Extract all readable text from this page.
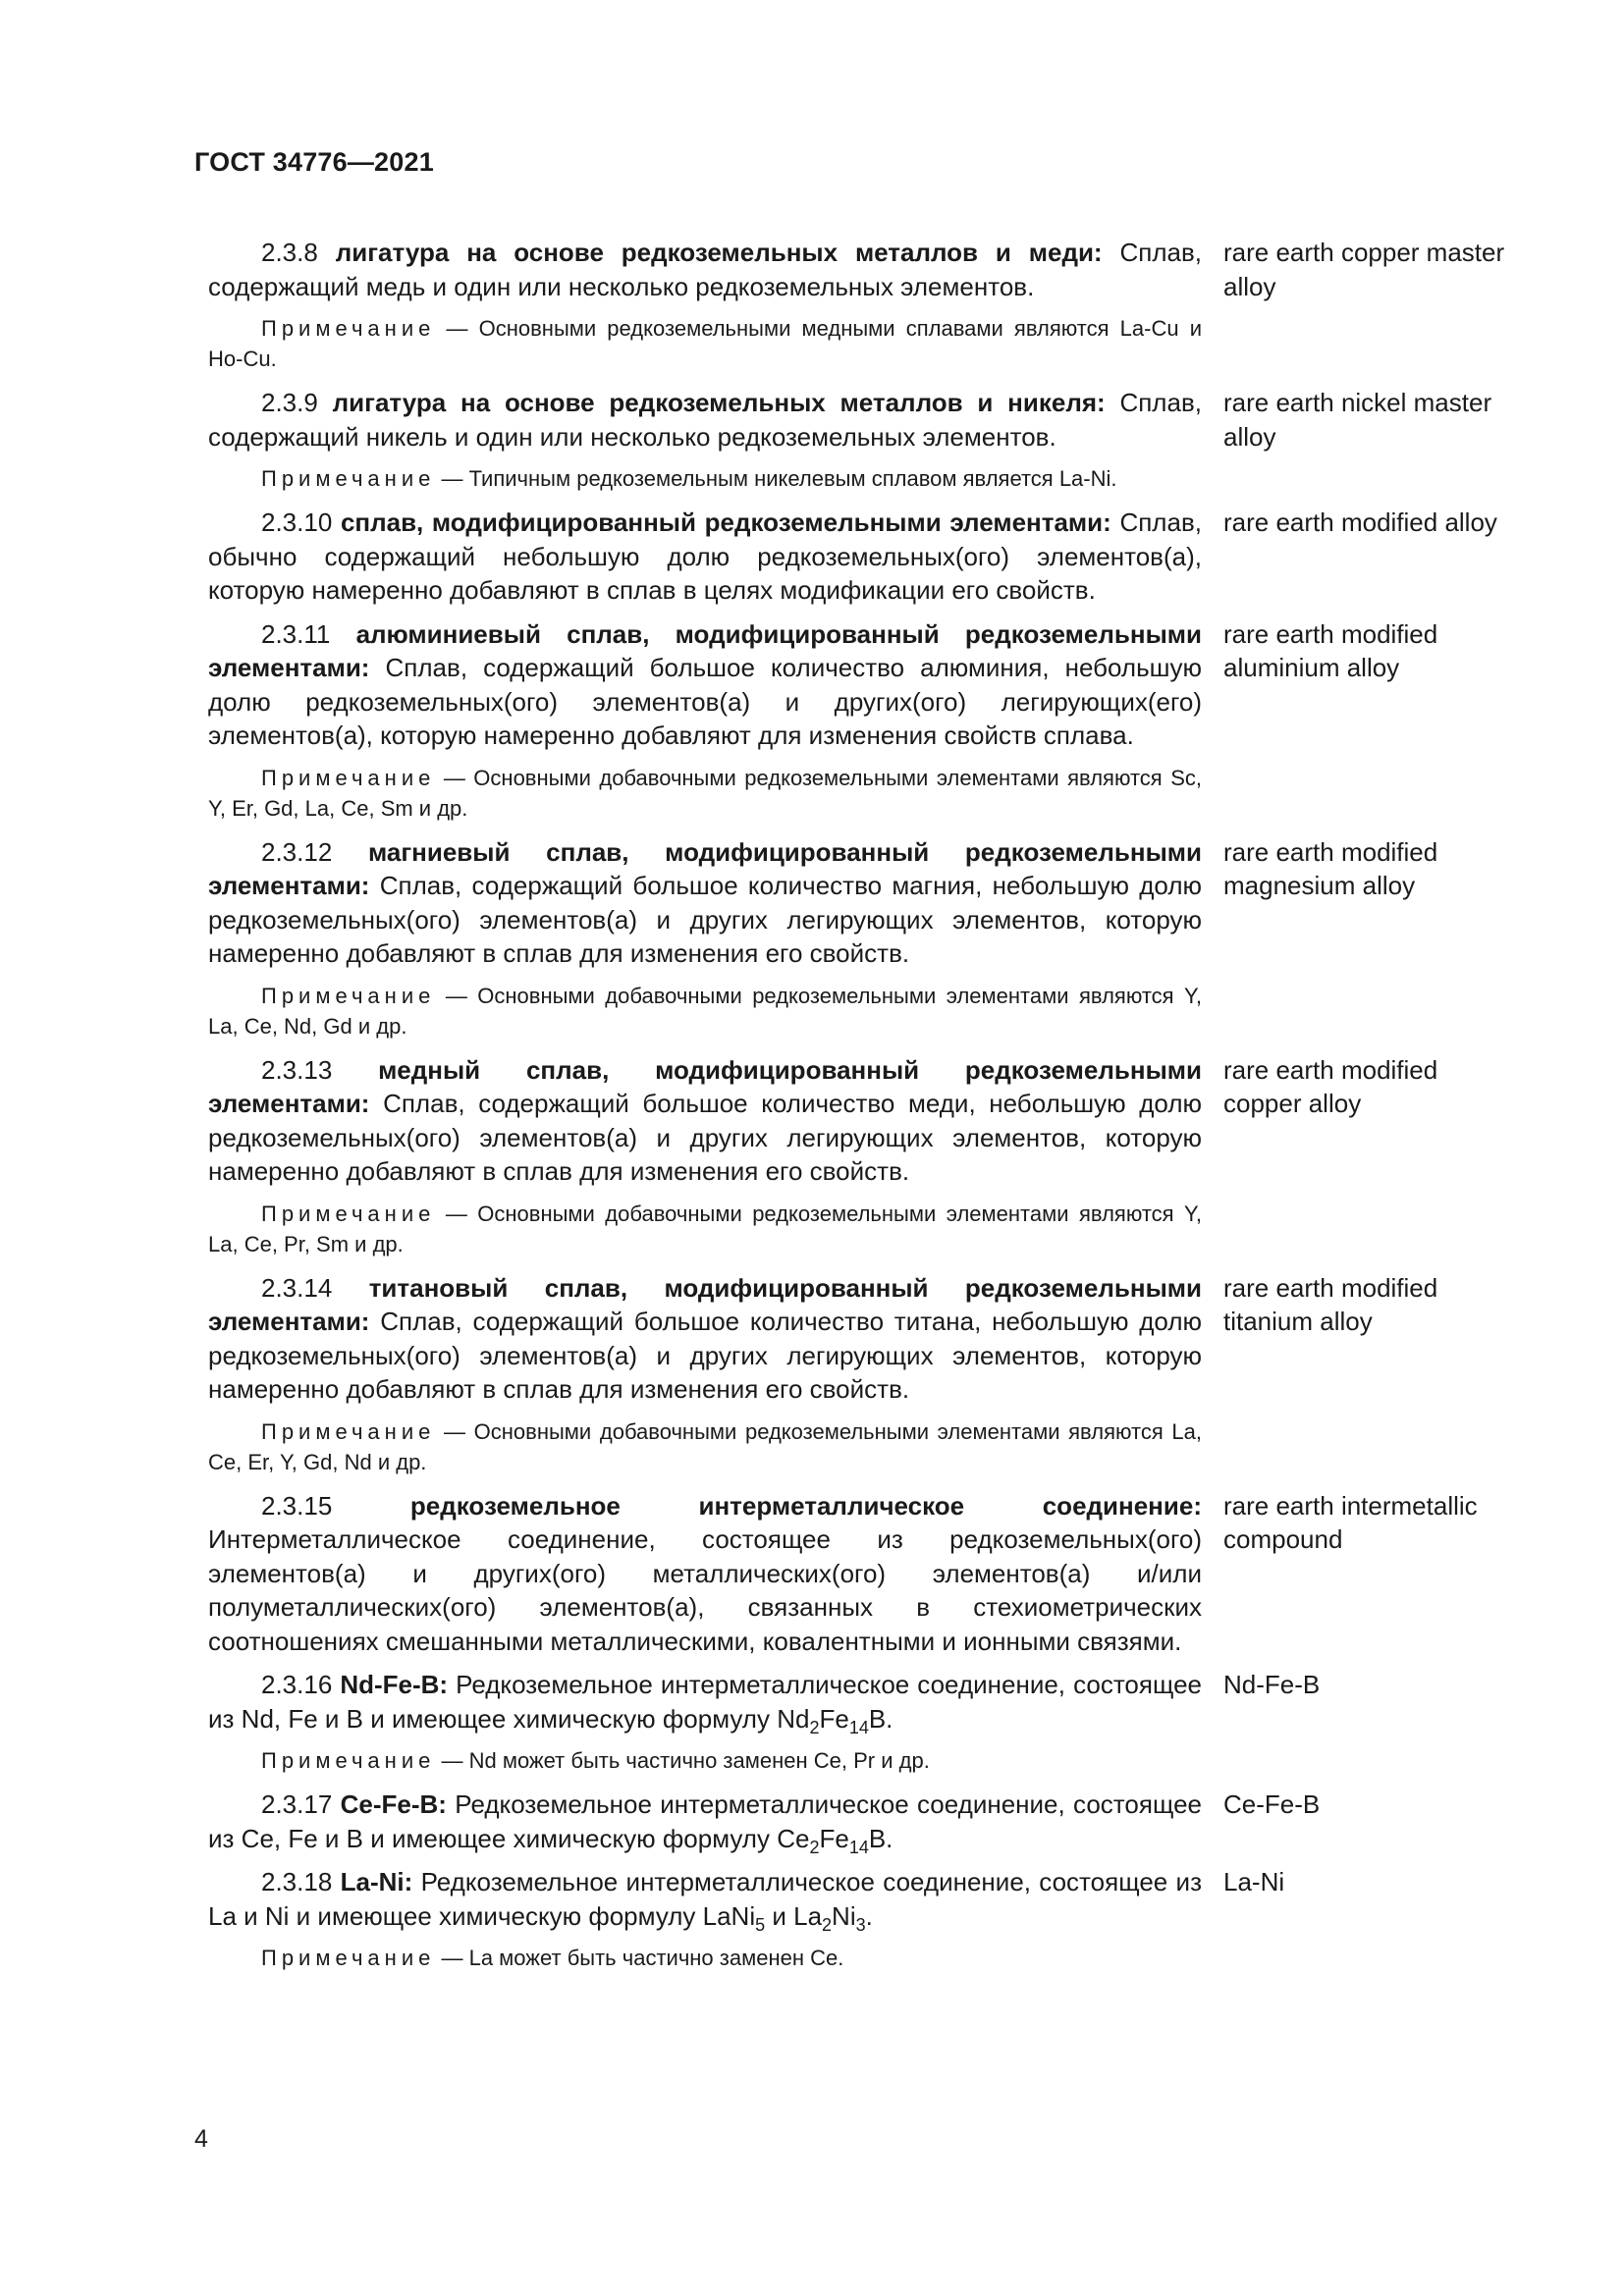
ГОСТ 34776—2021
2.3.8 лигатура на основе редкоземельных металлов и меди: Сплав, содержащий медь и один или несколько редкоземельных элементов.
rare earth copper master alloy
Примечание — Основными редкоземельными медными сплавами являются La-Cu и Ho-Cu.
2.3.9 лигатура на основе редкоземельных металлов и никеля: Сплав, содержащий никель и один или несколько редкоземельных элементов.
rare earth nickel master alloy
Примечание — Типичным редкоземельным никелевым сплавом является La-Ni.
2.3.10 сплав, модифицированный редкоземельными элементами: Сплав, обычно содержащий небольшую долю редкоземельных(ого) элементов(а), которую намеренно добавляют в сплав в целях модификации его свойств.
rare earth modified alloy
2.3.11 алюминиевый сплав, модифицированный редкоземельными элементами: Сплав, содержащий большое количество алюминия, небольшую долю редкоземельных(ого) элементов(а) и других(ого) легирующих(его) элементов(а), которую намеренно добавляют для изменения свойств сплава.
rare earth modified aluminium alloy
Примечание — Основными добавочными редкоземельными элементами являются Sc, Y, Er, Gd, La, Ce, Sm и др.
2.3.12 магниевый сплав, модифицированный редкоземельными элементами: Сплав, содержащий большое количество магния, небольшую долю редкоземельных(ого) элементов(а) и других легирующих элементов, которую намеренно добавляют в сплав для изменения его свойств.
rare earth modified magnesium alloy
Примечание — Основными добавочными редкоземельными элементами являются Y, La, Ce, Nd, Gd и др.
2.3.13 медный сплав, модифицированный редкоземельными элементами: Сплав, содержащий большое количество меди, небольшую долю редкоземельных(ого) элементов(а) и других легирующих элементов, которую намеренно добавляют в сплав для изменения его свойств.
rare earth modified copper alloy
Примечание — Основными добавочными редкоземельными элементами являются Y, La, Ce, Pr, Sm и др.
2.3.14 титановый сплав, модифицированный редкоземельными элементами: Сплав, содержащий большое количество титана, небольшую долю редкоземельных(ого) элементов(а) и других легирующих элементов, которую намеренно добавляют в сплав для изменения его свойств.
rare earth modified titanium alloy
Примечание — Основными добавочными редкоземельными элементами являются La, Ce, Er, Y, Gd, Nd и др.
2.3.15	редкоземельное интерметаллическое соединение: Интерметаллическое соединение, состоящее из редкоземельных(ого) элементов(а) и других(ого) металлических(ого) элементов(а) и/или полуметаллических(ого) элементов(а), связанных в стехиометрических соотношениях смешанными металлическими, ковалентными и ионными связями.
rare earth intermetallic compound
2.3.16 Nd-Fe-B: Редкоземельное интерметаллическое соединение, состоящее из Nd, Fe и B и имеющее химическую формулу $Nd_2Fe_{14}B$.
Nd-Fe-B
Примечание — Nd может быть частично заменен Ce, Pr и др.
2.3.17 Ce-Fe-B: Редкоземельное интерметаллическое соединение, состоящее из Ce, Fe и B и имеющее химическую формулу $Ce_2Fe_{14}B$.
Ce-Fe-B
2.3.18 La-Ni: Редкоземельное интерметаллическое соединение, состоящее из La и Ni и имеющее химическую формулу LaNi$_5$ и $La_2Ni_3$.
La-Ni
Примечание — La может быть частично заменен Ce.
4
